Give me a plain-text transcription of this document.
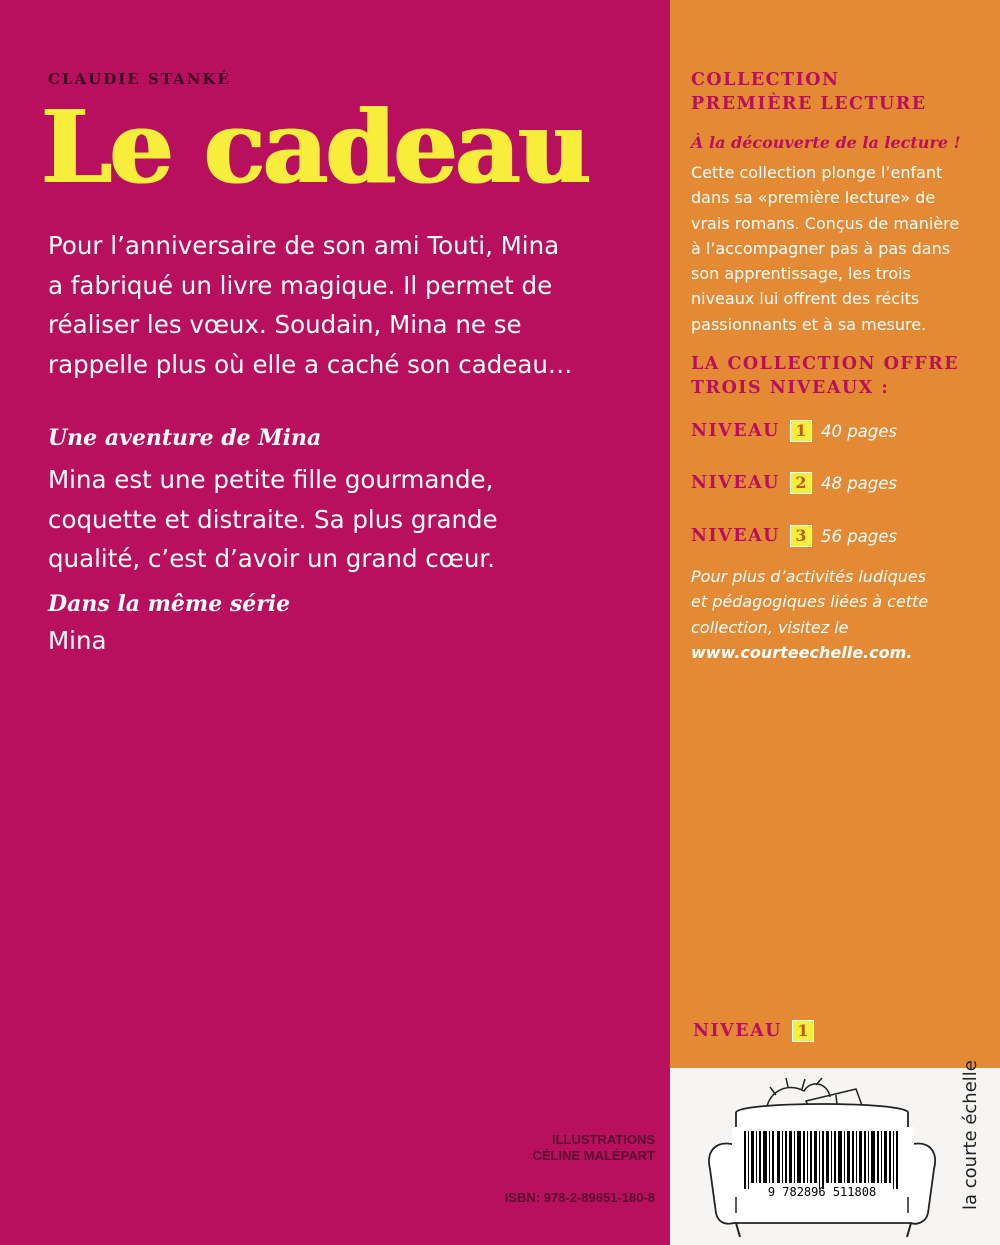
CLAUDIE STANKÉ
Le cadeau
Pour l’anniversaire de son ami Touti, Mina
a fabriqué un livre magique. Il permet de
réaliser les vœux. Soudain, Mina ne se
rappelle plus où elle a caché son cadeau…
Une aventure de Mina
Mina est une petite fille gourmande,
coquette et distraite. Sa plus grande
qualité, c’est d’avoir un grand cœur.
Dans la même série
Mina
ILLUSTRATIONS
CÉLINE MALÉPART
ISBN: 978-2-89651-180-8
COLLECTION
PREMIÈRE LECTURE
À la découverte de la lecture !
Cette collection plonge l’enfant
dans sa «première lecture» de
vrais romans. Conçus de manière
à l’accompagner pas à pas dans
son apprentissage, les trois
niveaux lui offrent des récits
passionnants et à sa mesure.
LA COLLECTION OFFRE
TROIS NIVEAUX :
NIVEAU 1 40 pages
NIVEAU 2 48 pages
NIVEAU 3 56 pages
Pour plus d’activités ludiques
et pédagogiques liées à cette
collection, visitez le
www.courteechelle.com.
NIVEAU 1
9 782896 511808	la courte échelle
